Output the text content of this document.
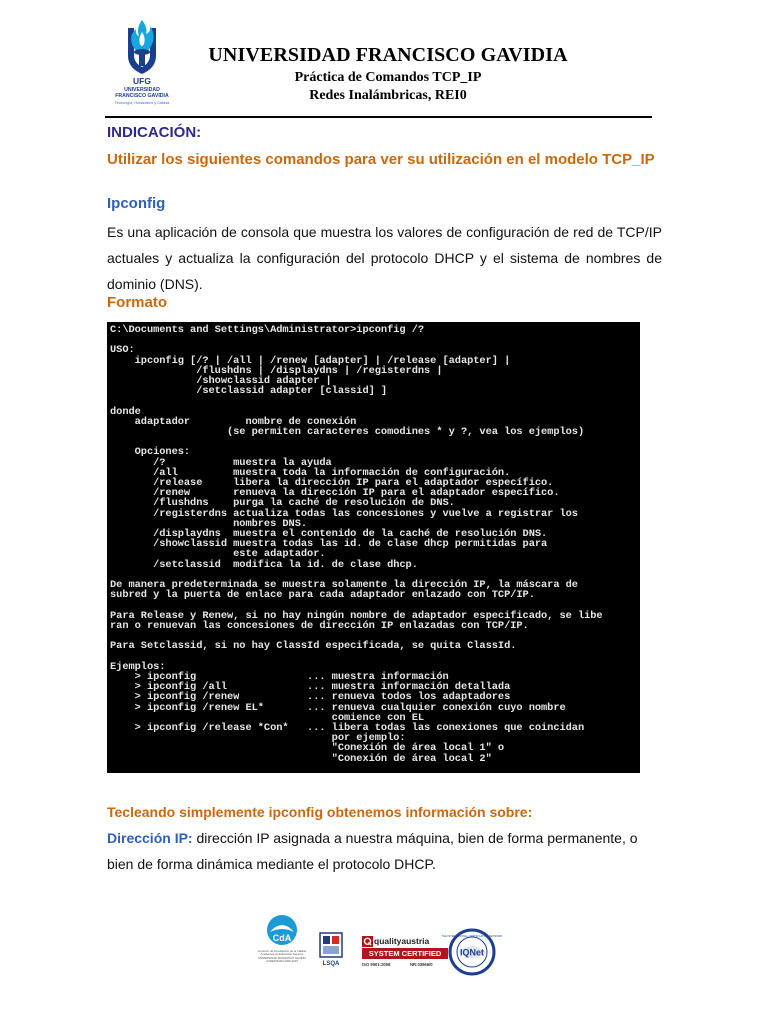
UFG
UNIVERSIDAD
FRANCISCO GAVIDIA
Tecnología, Humanismo y Calidad
UNIVERSIDAD FRANCISCO GAVIDIA
Práctica de Comandos TCP_IP
Redes Inalámbricas, REI0
INDICACIÓN:
Utilizar los siguientes comandos para ver su utilización en el modelo TCP_IP
Ipconfig
Es una aplicación de consola que muestra los valores de configuración de red de TCP/IP actuales y actualiza la configuración del protocolo DHCP y el sistema de nombres de dominio (DNS).
Formato
C:\Documents and Settings\Administrator>ipconfig /?

USO:
ipconfig [/? | /all | /renew [adapter] | /release [adapter] |
/flushdns | /displaydns | /registerdns |
/showclassid adapter |
/setclassid adapter [classid] ]

donde
adaptador         nombre de conexión
(se permiten caracteres comodines * y ?, vea los ejemplos)

Opciones:
/?           muestra la ayuda
/all         muestra toda la información de configuración.
/release     libera la dirección IP para el adaptador específico.
/renew       renueva la dirección IP para el adaptador específico.
/flushdns    purga la caché de resolución de DNS.
/registerdns actualiza todas las concesiones y vuelve a registrar los
nombres DNS.
/displaydns  muestra el contenido de la caché de resolución DNS.
/showclassid muestra todas las id. de clase dhcp permitidas para
este adaptador.
/setclassid  modifica la id. de clase dhcp.

De manera predeterminada se muestra solamente la dirección IP, la máscara de
subred y la puerta de enlace para cada adaptador enlazado con TCP/IP.

Para Release y Renew, si no hay ningún nombre de adaptador especificado, se libe
ran o renuevan las concesiones de dirección IP enlazadas con TCP/IP.

Para Setclassid, si no hay ClassId especificada, se quita ClassId.

Ejemplos:
> ipconfig                  ... muestra información
> ipconfig /all             ... muestra información detallada
> ipconfig /renew           ... renueva todos los adaptadores
> ipconfig /renew EL*       ... renueva cualquier conexión cuyo nombre
comience con EL
> ipconfig /release *Con*   ... libera todas las conexiones que coincidan
por ejemplo:
"Conexión de área local 1" o
"Conexión de área local 2"
Tecleando simplemente ipconfig obtenemos información sobre:
Dirección IP: dirección IP asignada a nuestra máquina, bien de forma permanente, o bien de forma dinámica mediante el protocolo DHCP.
CdA
Comisión de Acreditación de la Calidad Académica de Educación Superior UNIVERSIDAD FRANCISCO GAVIDIA ACREDITADA 2005-2015	LSQA
qualityaustria
SYSTEM CERTIFIED
ISO 9001:2008	NR:03666/0
IQNet
THE INTERNATIONAL CERTIFICATION NETWORK
